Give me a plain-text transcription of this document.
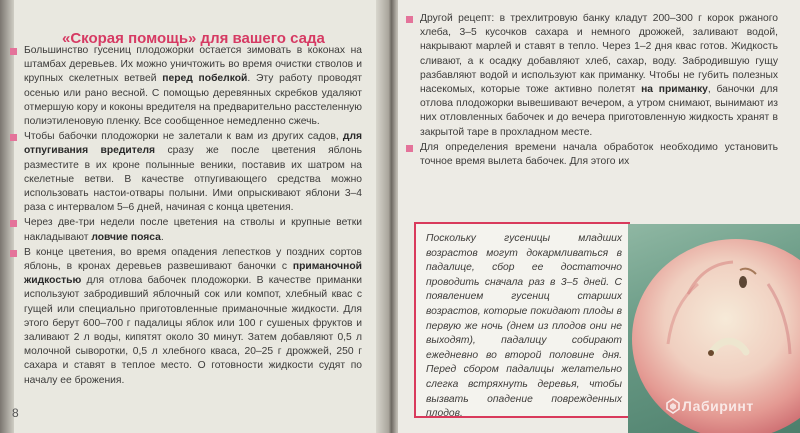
«Скорая помощь» для вашего сада

Большинство гусениц плодожорки остается зимовать в коконах на штамбах деревьев. Их можно уничтожить во время очистки стволов и крупных скелетных ветвей перед побелкой. Эту работу проводят осенью или рано весной. С помощью деревянных скребков удаляют отмершую кору и коконы вредителя на предварительно расстеленную полиэтиленовую пленку. Все сообщенное немедленно сжечь.

Чтобы бабочки плодожорки не залетали к вам из других садов, для отпугивания вредителя сразу же после цветения яблонь разместите в их кроне полынные веники, поставив их шатром на скелетные ветви. В качестве отпугивающего средства можно использовать настои-отвары полыни. Ими опрыскивают яблони 3–4 раза с интервалом 5–6 дней, начиная с конца цветения.

Через две-три недели после цветения на стволы и крупные ветки накладывают ловчие пояса.

В конце цветения, во время опадения лепестков у поздних сортов яблонь, в кронах деревьев развешивают баночки с приманочной жидкостью для отлова бабочек плодожорки. В качестве приманки используют забродивший яблочный сок или компот, хлебный квас с гущей или специально приготовленные приманочные жидкости. Для этого берут 600–700 г падалицы яблок или 100 г сушеных фруктов и заливают 2 л воды, кипятят около 30 минут. Затем добавляют 0,5 л молочной сыворотки, 0,5 л хлебного кваса, 20–25 г дрожжей, 250 г сахара и ставят в теплое место. О готовности жидкости судят по началу ее брожения.

8

Другой рецепт: в трехлитровую банку кладут 200–300 г корок ржаного хлеба, 3–5 кусочков сахара и немного дрожжей, заливают водой, накрывают марлей и ставят в тепло. Через 1–2 дня квас готов. Жидкость сливают, а к осадку добавляют хлеб, сахар, воду. Забродившую гущу разбавляют водой и используют как приманку. Чтобы не губить полезных насекомых, которые тоже активно полетят на приманку, баночки для отлова плодожорки вывешивают вечером, а утром снимают, вынимают из них отловленных бабочек и до вечера приготовленную жидкость хранят в закрытой таре в прохладном месте.

Для определения времени начала обработок необходимо установить точное время вылета бабочек. Для этого их

Поскольку гусеницы младших возрастов могут докармливаться в падалице, сбор ее достаточно проводить сначала раз в 3–5 дней. С появлением гусениц старших возрастов, которые покидают плоды в первую же ночь (днем из плодов они не выходят), падалицу собирают ежедневно во второй половине дня. Перед сбором падалицы желательно слегка встряхнуть деревья, чтобы вызвать опадение поврежденных плодов.	Лабиринт
